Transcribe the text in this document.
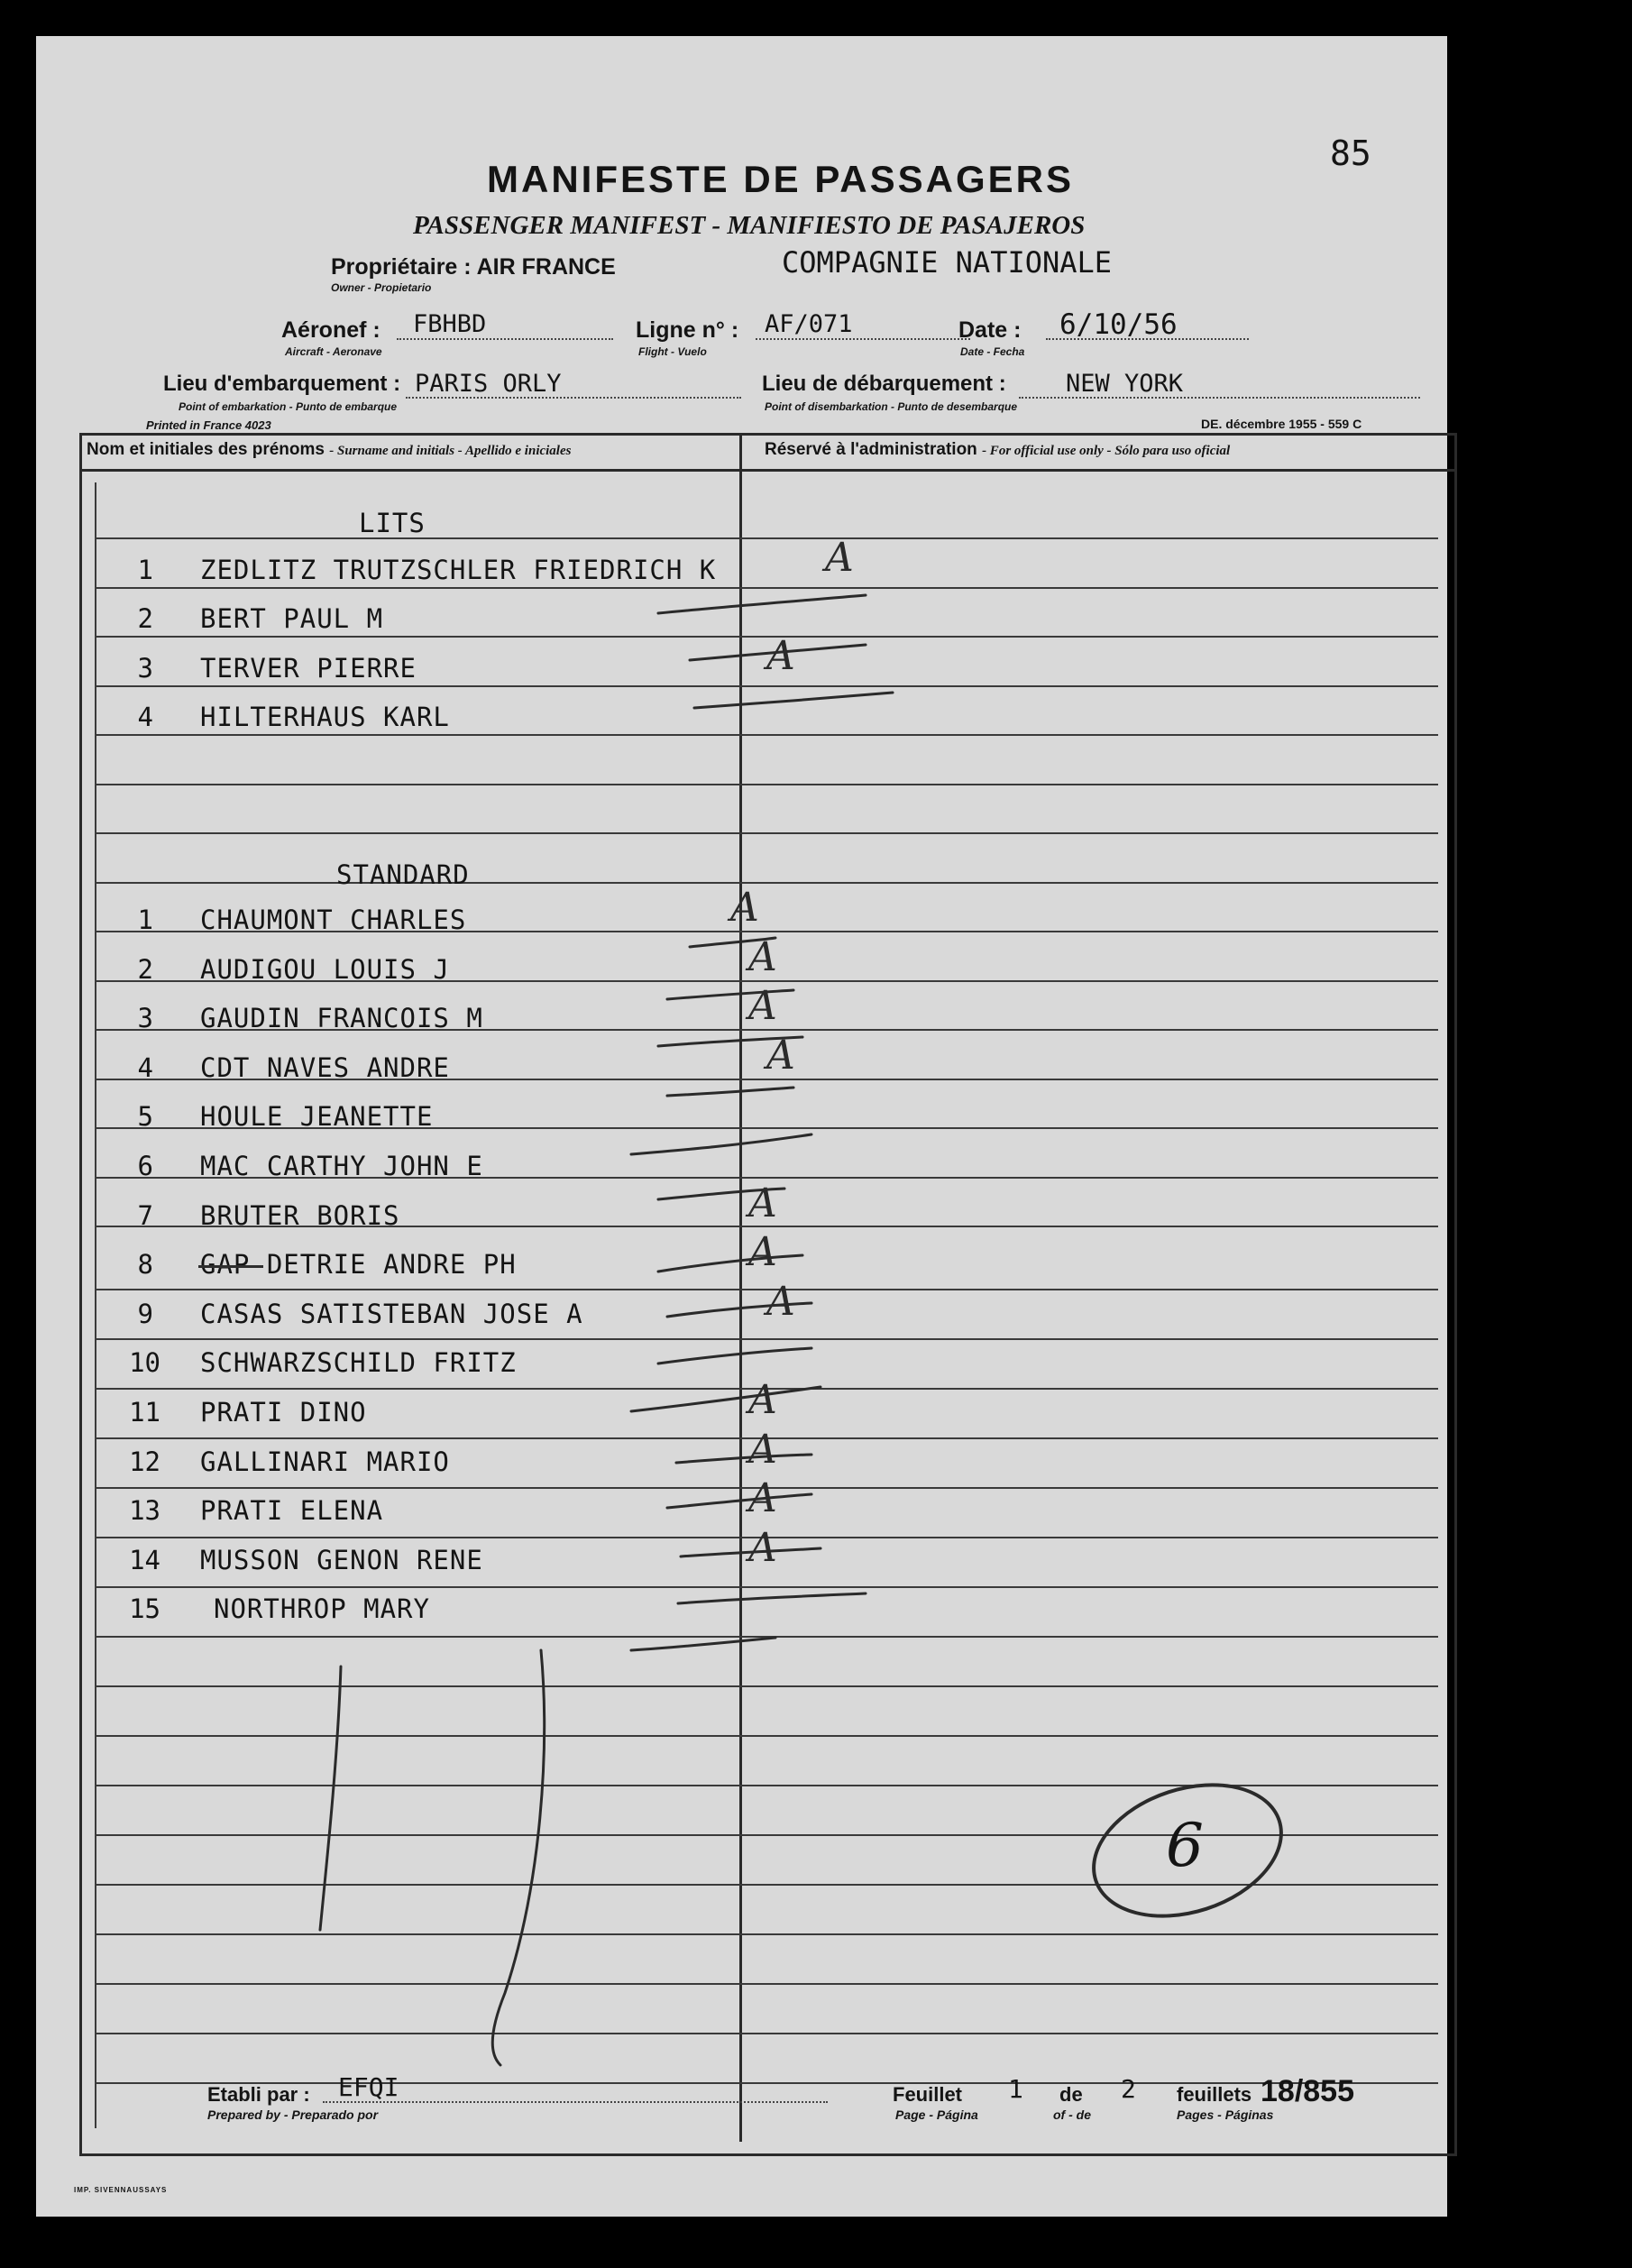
85
MANIFESTE DE PASSAGERS
PASSENGER MANIFEST - MANIFIESTO DE PASAJEROS
Propriétaire : AIR FRANCE
Owner - Propietario
COMPAGNIE NATIONALE
Aéronef :
Aircraft - Aeronave
FBHBD	Ligne n° :
Flight - Vuelo
AF/071	Date :
Date - Fecha
6/10/56
Lieu d'embarquement :
Point of embarkation - Punto de embarque
PARIS ORLY	Lieu de débarquement :
Point of disembarkation - Punto de desembarque
NEW YORK
Printed in France 4023	DE. décembre 1955 - 559 C
Nom et initiales des prénoms - Surname and initials - Apellido e iniciales	Réservé à l'administration - For official use only - Sólo para uso oficial
LITS
STANDARD
1 ZEDLITZ TRUTZSCHLER FRIEDRICH K	A
2 BERT PAUL M
3 TERVER PIERRE	A
4 HILTERHAUS KARL
1 CHAUMONT CHARLES	A
2 AUDIGOU LOUIS J	A
3 GAUDIN FRANCOIS M	A
4 CDT NAVES ANDRE	A
5 HOULE JEANETTE
6 MAC CARTHY JOHN E
7 BRUTER BORIS	A
8 GAP DETRIE ANDRE PH	A
9 CASAS SATISTEBAN JOSE A	A
10 SCHWARZSCHILD FRITZ
11 PRATI DINO	A
12 GALLINARI MARIO	A
13 PRATI ELENA	A
14 MUSSON GENON RENE	A
15 NORTHROP MARY
6
Etabli par :
Prepared by - Preparado por
EFQI	Feuillet
Page - Página
1 de
of - de
2 feuillets
Pages - Páginas
18/855
IMP. SIVENNAUSSAYS
